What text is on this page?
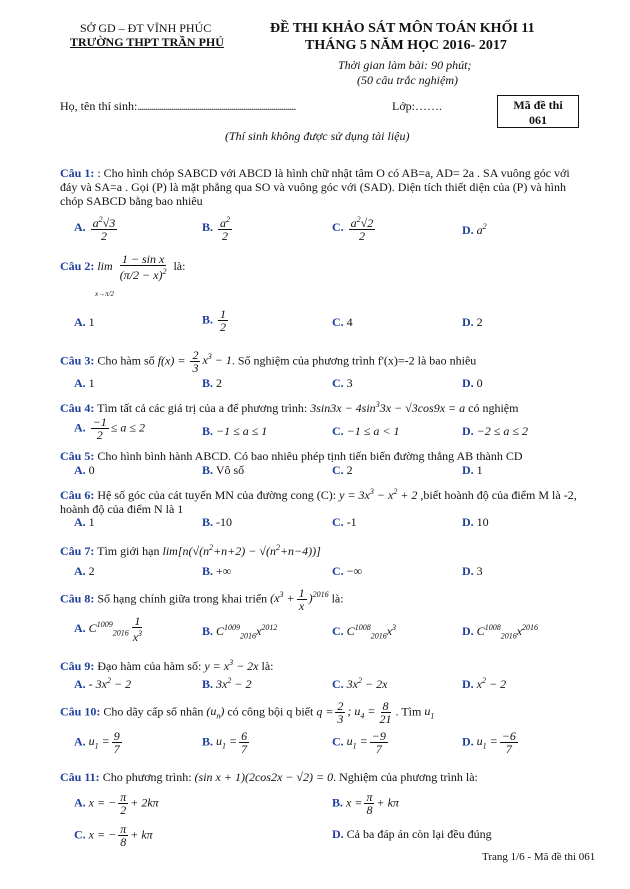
SỞ GD – ĐT VĨNH PHÚC
TRƯỜNG THPT TRẦN PHÚ
ĐỀ THI KHẢO SÁT MÔN TOÁN KHỐI 11
THÁNG 5 NĂM HỌC 2016- 2017
Thời gian làm bài: 90 phút;
(50 câu trắc nghiệm)
Họ, tên thí sinh:...............................................................................	Lớp:…….	Mã đề thi
061
(Thí sinh không được sử dụng tài liệu)
Câu 1: : Cho hình chóp SABCD với ABCD là hình chữ nhật tâm O có AB=a, AD= 2a . SA vuông góc với đáy và SA=a . Gọi (P) là mặt phẳng qua SO và vuông góc với (SAD). Diện tích thiết diện của (P) và hình chóp SABCD bằng bao nhiêu
A. $\frac{a^2√3}{2}$	B. $\frac{a^2}{2}$	C. $\frac{a^2√2}{2}$	D. $a^2$
Câu 2: $\lim \frac{\text{1 − sin x}}{(\pi/2 - x)^2}$ là:
x→π/2
A. 1	B. $\frac{1}{2}$	C. 4	D. 2
Câu 3: Cho hàm số $f(x) = \frac{2}{3} x^3 - 1$. Số nghiệm của phương trình f'(x)=-2 là bao nhiêu
A. 1	B. 2	C. 3	D. 0
Câu 4: Tìm tất cả các giá trị của a để phương trình: $3\sin 3x - 4\sin^33x - √3\cos 9x = a$ có nghiệm
A. $\frac{-1}{2} \le a \le 2$	B. −1 ≤ a ≤ 1	C. −1 ≤ a < 1	D. −2 ≤ a ≤ 2
Câu 5: Cho hình bình hành ABCD. Có bao nhiêu phép tịnh tiến biến đường thẳng AB thành CD
A. 0	B. Vô số	C. 2	D. 1
Câu 6: Hệ số góc của cát tuyến MN của đường cong (C): $y = 3x^3 - x^2 + 2$ ,biết hoành độ của điểm M là -2, hoành độ của điểm N là 1
A. 1	B. -10	C. -1	D. 10
Câu 7: Tìm giới hạn $\lim[n(√(n^2+n+2) - √(n^2+n-4))]$
A. 2	B. +∞	C. −∞	D. 3
Câu 8: Số hạng chính giữa trong khai triển $(x^3 + \frac{1}{x} )^{2016}$ là:
A. $C^{1009}_{2016} \frac{1}{x^3}$	B. $C^{1009}_{2016}x^{2012}$	C. $C^{1008}_{2016}x^3$	D. $C^{1008}_{2016}x^{2016}$
Câu 9: Đạo hàm của hàm số: $y = x^3 - 2x$ là:
A. - $3x^2 - 2$	B. $3x^2 - 2$	C. $3x^2 - 2x$	D. $x^2 - 2$
Câu 10: Cho dãy cấp số nhân $(u_n)$ có công bội q biết $q = \frac{2}{3}$ ; $u_4 = \frac{8}{21}$ . Tìm $u_1$
A. $u_1 = \frac{9}{7}$	B. $u_1 = \frac{6}{7}$	C. $u_1 = \frac{-9}{7}$	D. $u_1 = \frac{-6}{7}$
Câu 11: Cho phương trình: (sin x + 1)(2cos2x − √2) = 0. Nghiệm của phương trình là:
A. x = − $\frac{\pi}{2} + 2k\pi$	B. $x = \frac{\pi}{8} + k\pi$
C. x = − $\frac{\pi}{8} + k\pi$	D. Cả ba đáp án còn lại đều đúng
Trang 1/6 - Mã đề thi 061
